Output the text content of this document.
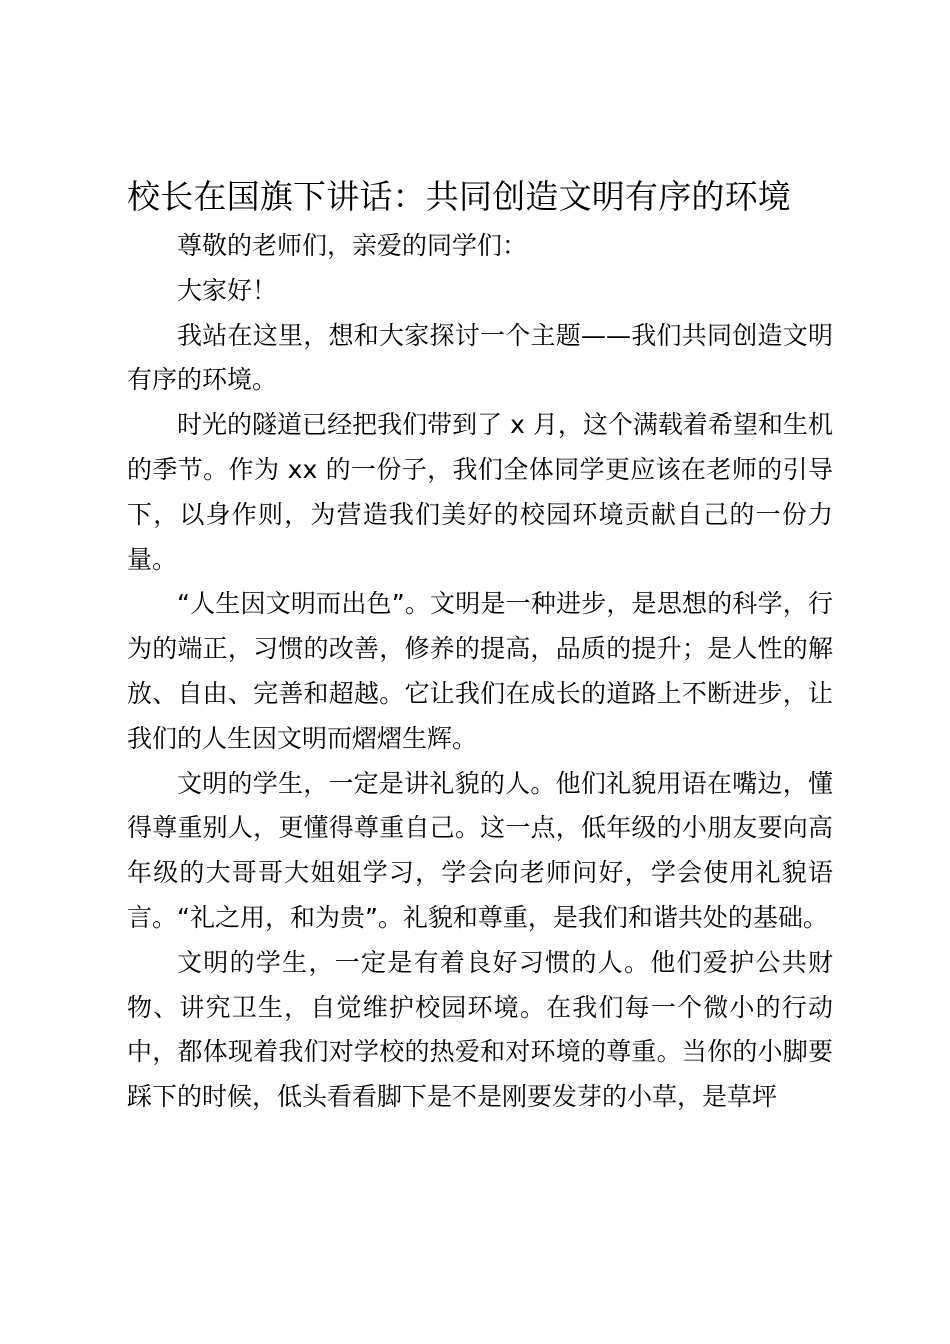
校长在国旗下讲话：共同创造文明有序的环境

尊敬的老师们，亲爱的同学们：

大家好！

我站在这里，想和大家探讨一个主题——我们共同创造文明有序的环境。

时光的隧道已经把我们带到了 x 月，这个满载着希望和生机的季节。作为 xx 的一份子，我们全体同学更应该在老师的引导下，以身作则，为营造我们美好的校园环境贡献自己的一份力量。

“人生因文明而出色”。文明是一种进步，是思想的科学，行为的端正，习惯的改善，修养的提高，品质的提升；是人性的解放、自由、完善和超越。它让我们在成长的道路上不断进步，让我们的人生因文明而熠熠生辉。

文明的学生，一定是讲礼貌的人。他们礼貌用语在嘴边，懂得尊重别人，更懂得尊重自己。这一点，低年级的小朋友要向高年级的大哥哥大姐姐学习，学会向老师问好，学会使用礼貌语言。“礼之用，和为贵”。礼貌和尊重，是我们和谐共处的基础。

文明的学生，一定是有着良好习惯的人。他们爱护公共财物、讲究卫生，自觉维护校园环境。在我们每一个微小的行动中，都体现着我们对学校的热爱和对环境的尊重。当你的小脚要踩下的时候，低头看看脚下是不是刚要发芽的小草，是草坪
